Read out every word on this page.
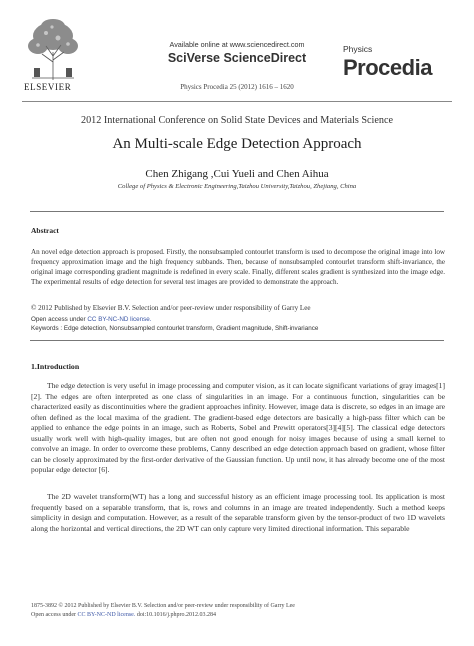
ELSEVIER
Available online at www.sciencedirect.com
SciVerse ScienceDirect
Physics Procedia 25 (2012) 1616 – 1620
Physics
Procedia
2012 International Conference on Solid State Devices and Materials Science
An Multi-scale Edge Detection Approach
Chen Zhigang ,Cui Yueli and Chen Aihua
College of Physics & Electronic Engineering,Taizhou University,Taizhou, Zhejiang, China
Abstract
An novel edge detection approach is proposed. Firstly, the nonsubsampled contourlet transform is used to decompose the original image into low frequency approximation image and the high frequency subbands. Then, because of nonsubsampled contourlet transform shift-invariance, the original image corresponding gradient magnitude is redefined in every scale. Finally, different scales gradient is synthesized into the image edge. The experimental results of edge detection for several test images are provided to demonstrate the approach.
© 2012 Published by Elsevier B.V. Selection and/or peer-review under responsibility of Garry Lee
Open access under CC BY-NC-ND license.
Keywords : Edge detection, Nonsubsampled contourlet transform, Gradient magnitude, Shift-invariance
1.Introduction

The edge detection is very useful in image processing and computer vision, as it can locate significant variations of gray images[1][2]. The edges are often interpreted as one class of singularities in an image. For a continuous function, singularities can be characterized easily as discontinuities where the gradient approaches infinity. However, image data is discrete, so edges in an image are often defined as the local maxima of the gradient. The gradient-based edge detectors are basically a high-pass filter which can be applied to enhance the edge points in an image, such as Roberts, Sobel and Prewitt operators[3][4][5]. The classical edge detectors usually work well with high-quality images, but are often not good enough for noisy images because of using a small kernel to convolve an image. In order to overcome these problems, Canny described an edge detection approach based on gradient, whose filter can be closely approximated by the first-order derivative of the Gaussian function. Up until now, it has already become one of the most popular edge detector [6].

The 2D wavelet transform(WT) has a long and successful history as an efficient image processing tool. Its application is most frequently based on a separable transform, that is, rows and columns in an image are treated independently. Such a method keeps simplicity in design and computation. However, as a result of the separable transform given by the tensor-product of two 1D wavelets along the horizontal and vertical directions, the 2D WT can only capture very limited directional information. This separable

1875-3892 © 2012 Published by Elsevier B.V. Selection and/or peer-review under responsibility of Garry Lee
Open access under CC BY-NC-ND license. doi:10.1016/j.phpro.2012.03.284
